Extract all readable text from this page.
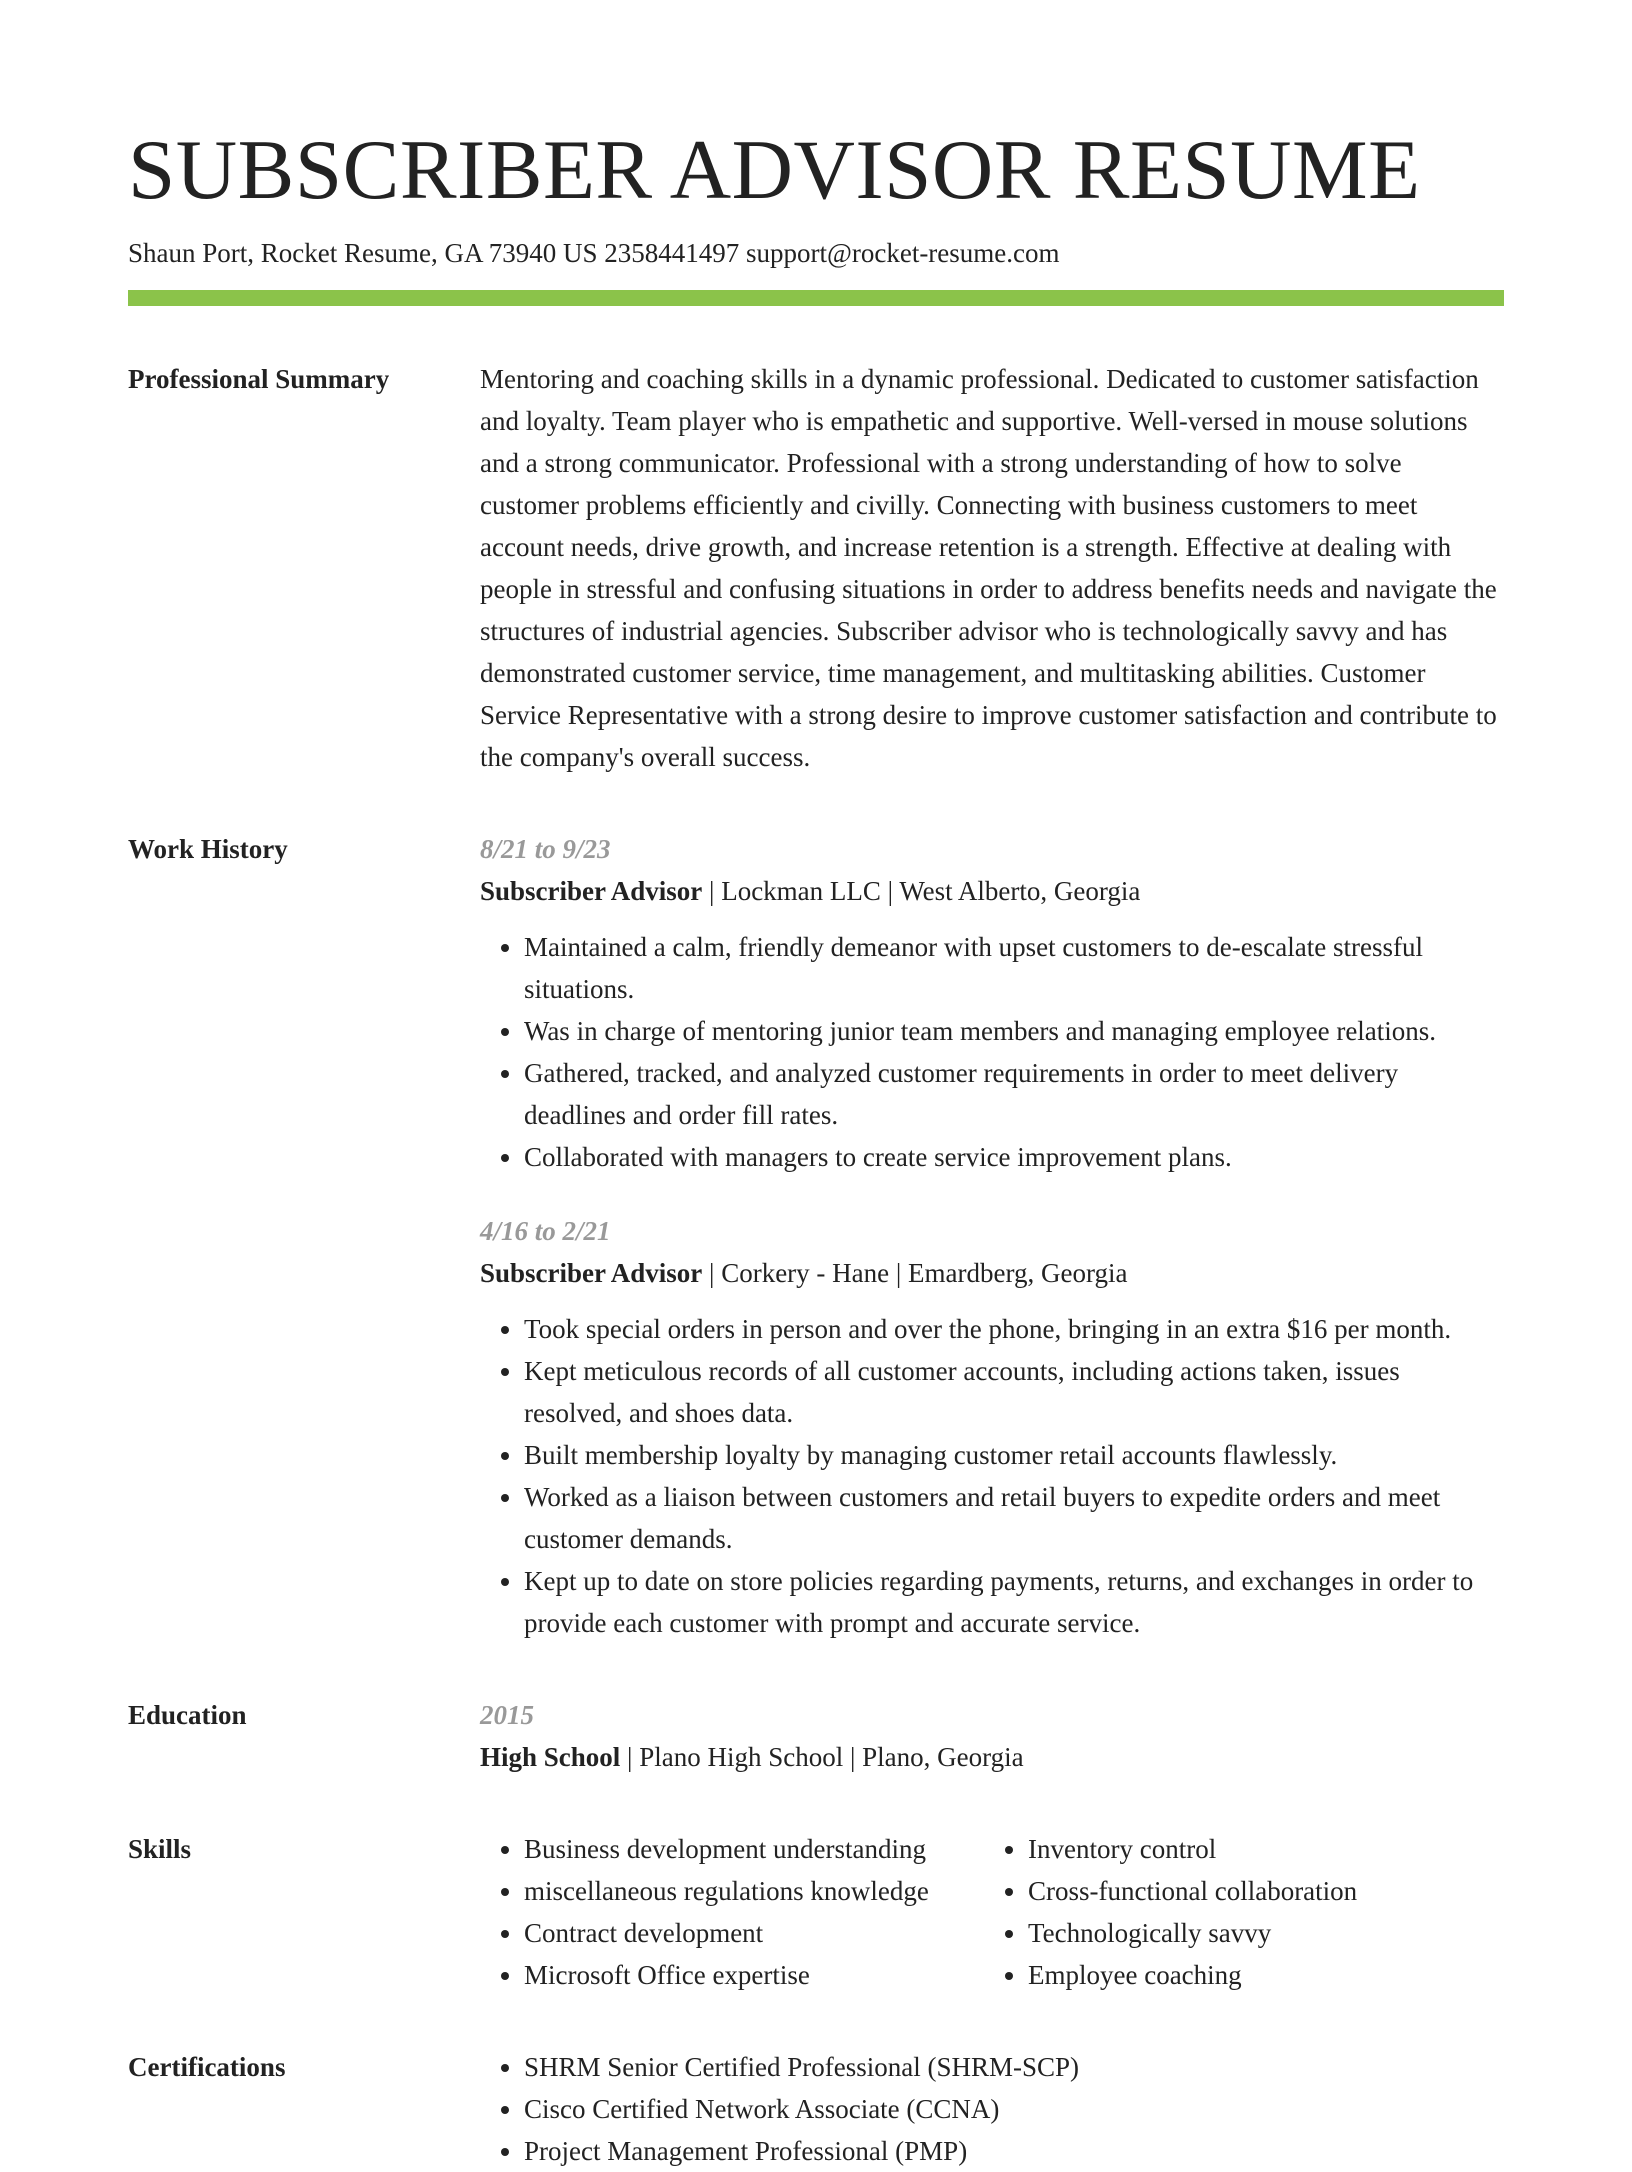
SUBSCRIBER ADVISOR RESUME
Shaun Port, Rocket Resume, GA 73940 US 2358441497 support@rocket-resume.com
Professional Summary	Mentoring and coaching skills in a dynamic professional. Dedicated to customer satisfaction and loyalty. Team player who is empathetic and supportive. Well-versed in mouse solutions and a strong communicator. Professional with a strong understanding of how to solve customer problems efficiently and civilly. Connecting with business customers to meet account needs, drive growth, and increase retention is a strength. Effective at dealing with people in stressful and confusing situations in order to address benefits needs and navigate the structures of industrial agencies. Subscriber advisor who is technologically savvy and has demonstrated customer service, time management, and multitasking abilities. Customer Service Representative with a strong desire to improve customer satisfaction and contribute to the company's overall success.

Work History	8/21 to 9/23
Subscriber Advisor | Lockman LLC | West Alberto, Georgia
• Maintained a calm, friendly demeanor with upset customers to de-escalate stressful situations.
• Was in charge of mentoring junior team members and managing employee relations.
• Gathered, tracked, and analyzed customer requirements in order to meet delivery deadlines and order fill rates.
• Collaborated with managers to create service improvement plans.
4/16 to 2/21
Subscriber Advisor | Corkery - Hane | Emardberg, Georgia
• Took special orders in person and over the phone, bringing in an extra $16 per month.
• Kept meticulous records of all customer accounts, including actions taken, issues resolved, and shoes data.
• Built membership loyalty by managing customer retail accounts flawlessly.
• Worked as a liaison between customers and retail buyers to expedite orders and meet customer demands.
• Kept up to date on store policies regarding payments, returns, and exchanges in order to provide each customer with prompt and accurate service.
Education	2015
High School | Plano High School | Plano, Georgia
Skills	• Business development understanding
• miscellaneous regulations knowledge
• Contract development
• Microsoft Office expertise
• Inventory control
• Cross-functional collaboration
• Technologically savvy
• Employee coaching
Certifications	• SHRM Senior Certified Professional (SHRM-SCP)
• Cisco Certified Network Associate (CCNA)
• Project Management Professional (PMP)
